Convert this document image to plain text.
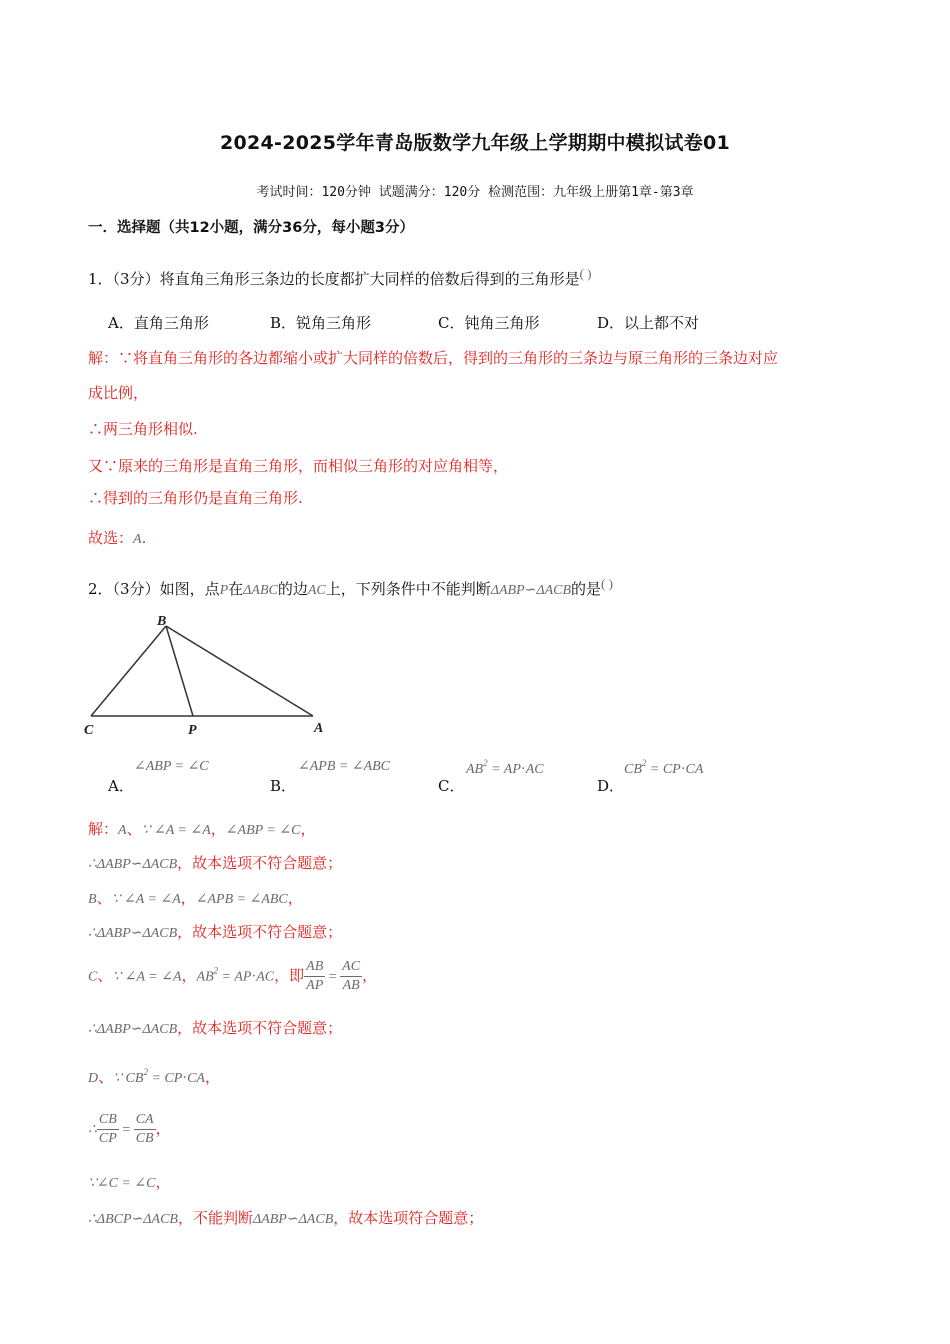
2024-2025学年青岛版数学九年级上学期期中模拟试卷01
考试时间：120分钟 试题满分：120分 检测范围：九年级上册第1章-第3章
一．选择题（共12小题，满分36分，每小题3分）
1．（3分）将直角三角形三条边的长度都扩大同样的倍数后得到的三角形是( )
A．直角三角形	B．锐角三角形	C．钝角三角形	D．以上都不对
解：∵将直角三角形的各边都缩小或扩大同样的倍数后，得到的三角形的三条边与原三角形的三条边对应
成比例，
∴两三角形相似.
又∵原来的三角形是直角三角形，而相似三角形的对应角相等，
∴得到的三角形仍是直角三角形.
故选：A.
2．（3分）如图，点P在ΔABC的边AC上，下列条件中不能判断ΔABP∽ΔACB的是( )
B
C	P	A
∠ABP = ∠C
A．
∠APB = ∠ABC
B．
$AB^2 = AP\cdot AC$
C．
$CB^2 = CP\cdot CA$
D．
解：A、∵ ∠A = ∠A，∠ABP = ∠C，
∴ΔABP∽ΔACB，故本选项不符合题意；
B、∵ ∠A = ∠A，∠APB = ∠ABC，
∴ΔABP∽ΔACB，故本选项不符合题意；
C、∵ ∠A = ∠A，$AB^2 = AP\cdot AC$，即 $\frac{AB}{AP} = \frac{AC}{AB}$ ，
∴ΔABP∽ΔACB，故本选项不符合题意；
D、∵ $CB^2 = CP\cdot CA$，
∴ $\frac{CB}{CP} = \frac{CA}{CB}$ ，
∵∠C = ∠C，
∴ΔBCP∽ΔACB，不能判断ΔABP∽ΔACB，故本选项符合题意；
